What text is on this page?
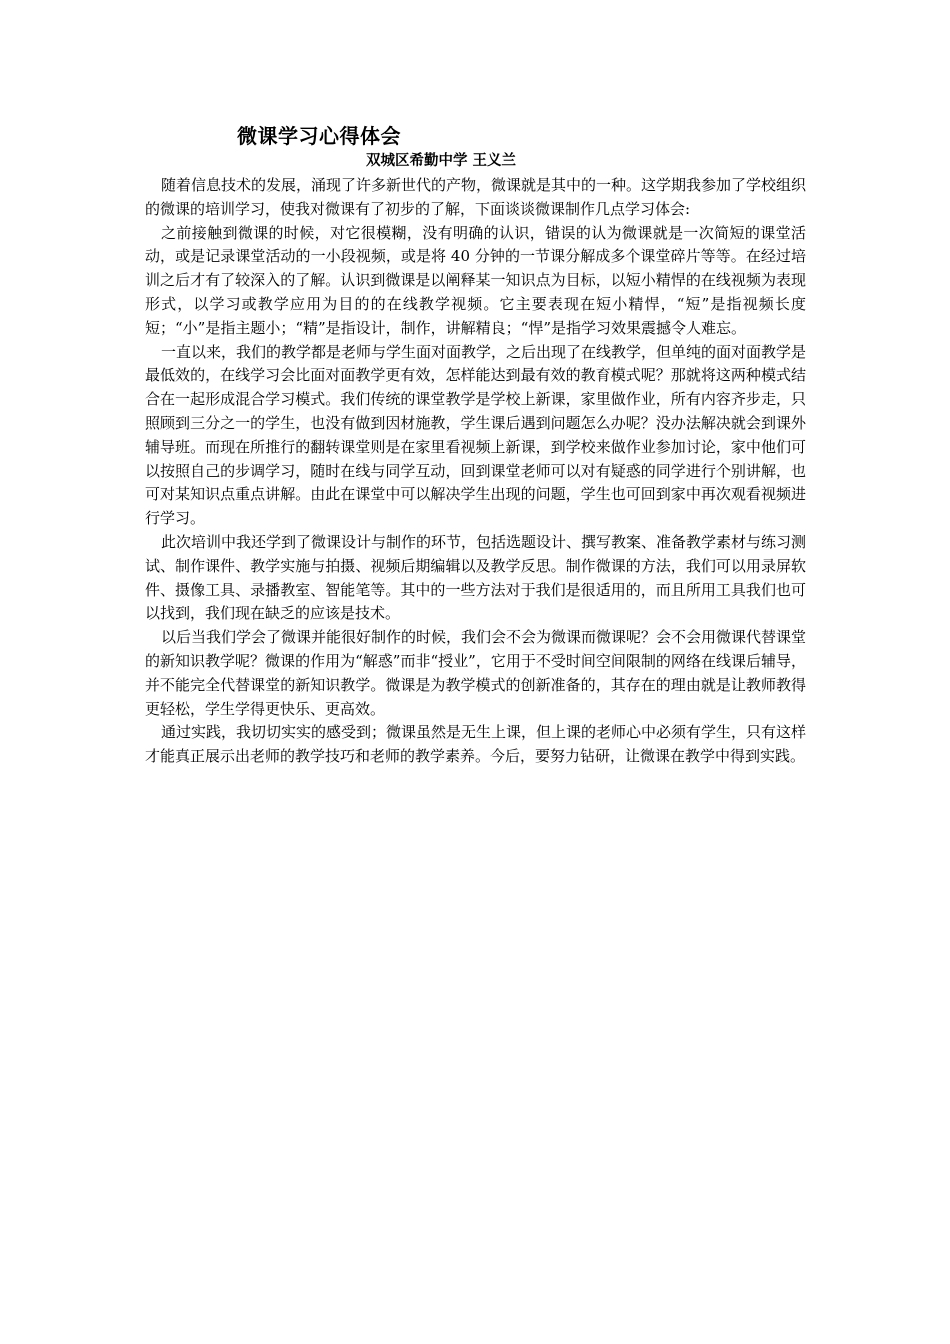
微课学习心得体会

双城区希勤中学 王义兰

随着信息技术的发展，涌现了许多新世代的产物，微课就是其中的一种。这学期我参加了学校组织的微课的培训学习，使我对微课有了初步的了解，下面谈谈微课制作几点学习体会:

之前接触到微课的时候，对它很模糊，没有明确的认识，错误的认为微课就是一次简短的课堂活动，或是记录课堂活动的一小段视频，或是将 40 分钟的一节课分解成多个课堂碎片等等。在经过培训之后才有了较深入的了解。认识到微课是以阐释某一知识点为目标，以短小精悍的在线视频为表现形式，以学习或教学应用为目的的在线教学视频。它主要表现在短小精悍，“短”是指视频长度短；“小”是指主题小；“精”是指设计，制作，讲解精良；“悍”是指学习效果震撼令人难忘。

一直以来，我们的教学都是老师与学生面对面教学，之后出现了在线教学，但单纯的面对面教学是最低效的，在线学习会比面对面教学更有效，怎样能达到最有效的教育模式呢？那就将这两种模式结合在一起形成混合学习模式。我们传统的课堂教学是学校上新课，家里做作业，所有内容齐步走，只照顾到三分之一的学生，也没有做到因材施教，学生课后遇到问题怎么办呢？没办法解决就会到课外辅导班。而现在所推行的翻转课堂则是在家里看视频上新课，到学校来做作业参加讨论，家中他们可以按照自己的步调学习，随时在线与同学互动，回到课堂老师可以对有疑惑的同学进行个别讲解，也可对某知识点重点讲解。由此在课堂中可以解决学生出现的问题，学生也可回到家中再次观看视频进行学习。

此次培训中我还学到了微课设计与制作的环节，包括选题设计、撰写教案、准备教学素材与练习测试、制作课件、教学实施与拍摄、视频后期编辑以及教学反思。制作微课的方法，我们可以用录屏软件、摄像工具、录播教室、智能笔等。其中的一些方法对于我们是很适用的，而且所用工具我们也可以找到，我们现在缺乏的应该是技术。

以后当我们学会了微课并能很好制作的时候，我们会不会为微课而微课呢？会不会用微课代替课堂的新知识教学呢？微课的作用为“解惑”而非“授业”，它用于不受时间空间限制的网络在线课后辅导，并不能完全代替课堂的新知识教学。微课是为教学模式的创新准备的，其存在的理由就是让教师教得更轻松，学生学得更快乐、更高效。

通过实践，我切切实实的感受到；微课虽然是无生上课，但上课的老师心中必须有学生，只有这样才能真正展示出老师的教学技巧和老师的教学素养。今后，要努力钻研，让微课在教学中得到实践。
